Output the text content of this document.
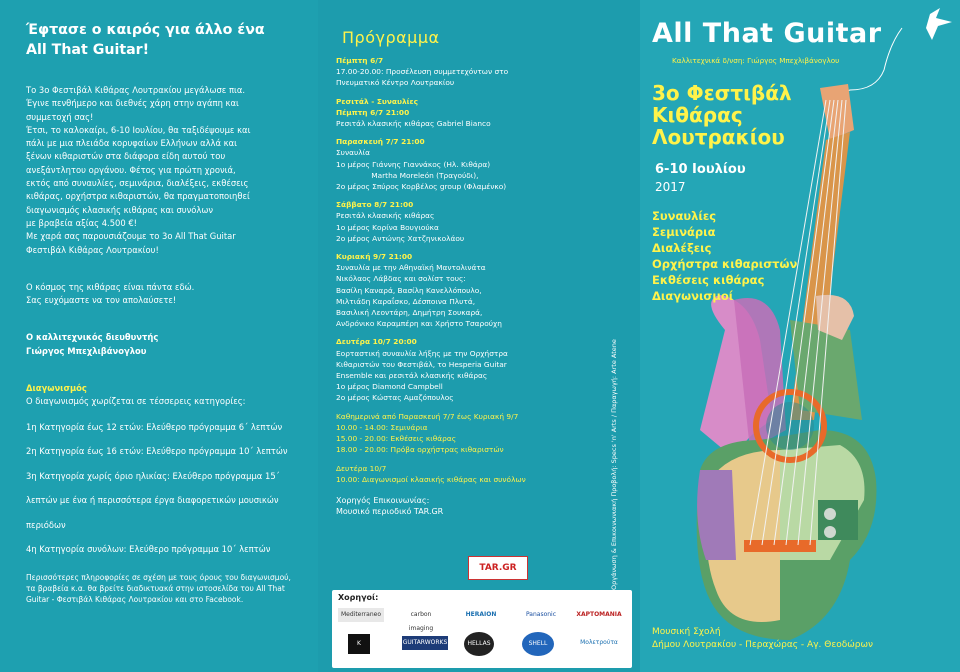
Έφτασε ο καιρός για άλλο ένα
All That Guitar!

Το 3ο Φεστιβάλ Κιθάρας Λουτρακίου μεγάλωσε πια.

Έγινε πενθήμερο και διεθνές χάρη στην αγάπη και

συμμετοχή σας!

Έτσι, το καλοκαίρι, 6-10 Ιουλίου, θα ταξιδέψουμε και

πάλι με μια πλειάδα κορυφαίων Ελλήνων αλλά και

ξένων κιθαριστών στα διάφορα είδη αυτού του

ανεξάντλητου οργάνου. Φέτος για πρώτη χρονιά,

εκτός από συναυλίες, σεμινάρια, διαλέξεις, εκθέσεις

κιθάρας, ορχήστρα κιθαριστών, θα πραγματοποιηθεί

διαγωνισμός κλασικής κιθάρας και συνόλων

με βραβεία αξίας 4.500 €!

Με χαρά σας παρουσιάζουμε το 3ο All That Guitar

Φεστιβάλ Κιθάρας Λουτρακίου!

Ο κόσμος της κιθάρας είναι πάντα εδώ.

Σας ευχόμαστε να τον απολαύσετε!

Ο καλλιτεχνικός διευθυντής

Γιώργος Μπεχλιβάνογλου

Διαγωνισμός

Ο διαγωνισμός χωρίζεται σε τέσσερεις κατηγορίες:

1η Κατηγορία έως 12 ετών: Ελεύθερο πρόγραμμα 6΄ λεπτών
2η Κατηγορία έως 16 ετών: Ελεύθερο πρόγραμμα 10΄ λεπτών
3η Κατηγορία χωρίς όριο ηλικίας: Ελεύθερο πρόγραμμα 15΄
λεπτών με ένα ή περισσότερα έργα διαφορετικών μουσικών
περιόδων
4η Κατηγορία συνόλων: Ελεύθερο πρόγραμμα 10΄ λεπτών
Περισσότερες πληροφορίες σε σχέση με τους όρους του διαγωνισμού,
τα βραβεία κ.α. θα βρείτε διαδικτυακά στην ιστοσελίδα του All That
Guitar - Φεστιβάλ Κιθάρας Λουτρακίου και στο Facebook.
Πρόγραμμα
Πέμπτη 6/7
17.00-20.00: Προσέλευση συμμετεχόντων στο
Πνευματικό Κέντρο Λουτρακίου
Ρεσιτάλ - Συναυλίες
Πέμπτη 6/7 21:00
Ρεσιτάλ κλασικής κιθάρας Gabriel Bianco
Παρασκευή 7/7 21:00
Συναυλία
1ο μέρος Γιάννης Γιαννάκος (Ηλ. Κιθάρα)
Martha Moreleón (Τραγούδι),
2ο μέρος Σπύρος Κορβέλος group (Φλαμένκο)
Σάββατο 8/7 21:00
Ρεσιτάλ κλασικής κιθάρας
1ο μέρος Κορίνα Βουγιούκα
2ο μέρος Αντώνης Χατζηνικολάου
Κυριακή 9/7 21:00
Συναυλία με την Αθηναϊκή Μαντολινάτα
Νικόλαος Λάβδας και σολίστ τους:
Βασίλη Καναρά, Βασίλη Κανελλόπουλο,
Μιλτιάδη Καραΐσκο, Δέσποινα Πλυτά,
Βασιλική Λεοντάρη, Δημήτρη Σουκαρά,
Ανδρόνικο Καραμπέρη και Χρήστο Τσαρούχη
Δευτέρα 10/7 20:00
Εορταστική συναυλία λήξης με την Ορχήστρα
Κιθαριστών του Φεστιβάλ, το Hesperia Guitar
Ensemble και ρεσιτάλ κλασικής κιθάρας
1ο μέρος Diamond Campbell
2ο μέρος Κώστας Αμαζόπουλος
Καθημερινά από Παρασκευή 7/7 έως Κυριακή 9/7
10.00 - 14.00: Σεμινάρια
15.00 - 20.00: Εκθέσεις κιθάρας
18.00 - 20.00: Πρόβα ορχήστρας κιθαριστών
Δευτέρα 10/7
10.00: Διαγωνισμοί κλασικής κιθάρας και συνόλων
Χορηγός Επικοινωνίας:
Μουσικό περιοδικό TAR.GR
TAR.GR
Χορηγοί:
Mediterraneo	carbon imaging
HERAION	Panasonic	ΧΑΡΤΟΜΑΝΙΑ
K	GUITARWORKS	HELLAS	SHELL	Μολετρούτα
Οργάνωση & Επικοινωνιακή Προβολή: Specs 'n' Arts / Παραγωγή: Arte Atene
All That Guitar
Καλλιτεχνικά δ/νση: Γιώργος Μπεχλιβάνογλου
3ο Φεστιβάλ
Κιθάρας
Λουτρακίου
6-10 Ιουλίου
2017
Συναυλίες
Σεμινάρια
Διαλέξεις
Ορχήστρα κιθαριστών
Εκθέσεις κιθάρας
Διαγωνισμοί
Μουσική Σχολή
Δήμου Λουτρακίου - Περαχώρας - Αγ. Θεοδώρων
